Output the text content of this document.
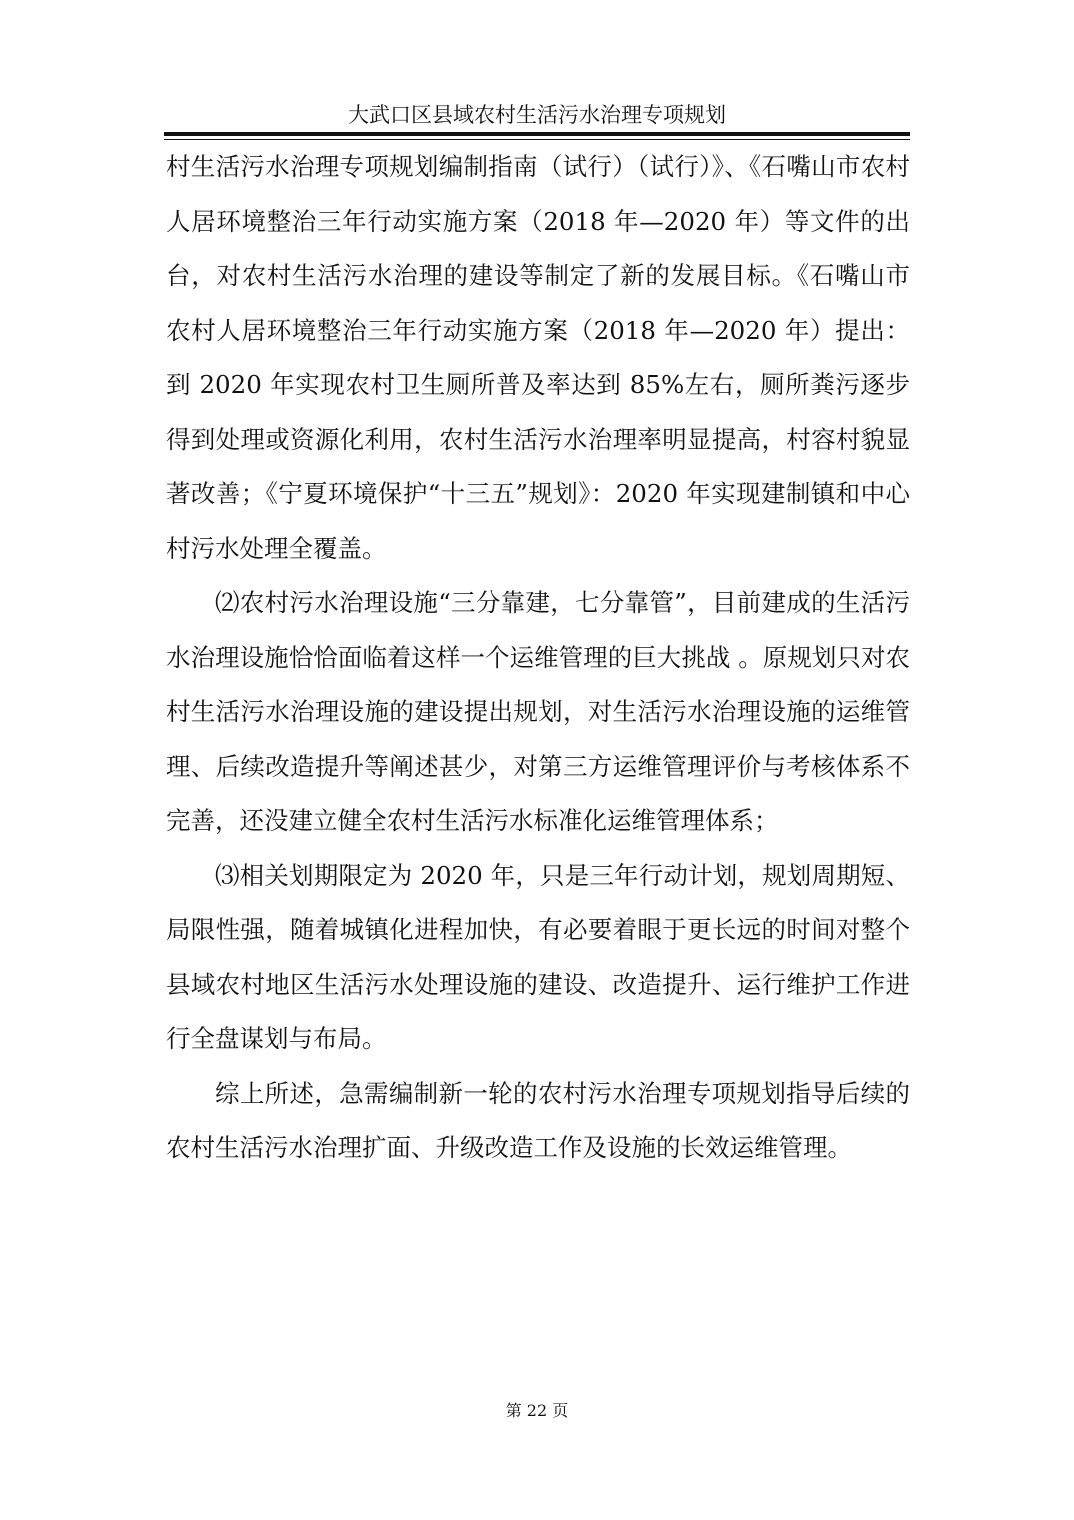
大武口区县域农村生活污水治理专项规划

村生活污水治理专项规划编制指南（试行）（试行）》、《石嘴山市农村人居环境整治三年行动实施方案（2018 年—2020 年）等文件的出台，对农村生活污水治理的建设等制定了新的发展目标。《石嘴山市农村人居环境整治三年行动实施方案（2018 年—2020 年）提出：到 2020 年实现农村卫生厕所普及率达到 85%左右，厕所粪污逐步得到处理或资源化利用，农村生活污水治理率明显提高，村容村貌显著改善；《宁夏环境保护“十三五”规划》：2020 年实现建制镇和中心村污水处理全覆盖。

⑵农村污水治理设施“三分靠建，七分靠管”，目前建成的生活污水治理设施恰恰面临着这样一个运维管理的巨大挑战 。原规划只对农村生活污水治理设施的建设提出规划，对生活污水治理设施的运维管理、后续改造提升等阐述甚少，对第三方运维管理评价与考核体系不完善，还没建立健全农村生活污水标准化运维管理体系；

⑶相关划期限定为 2020 年，只是三年行动计划，规划周期短、局限性强，随着城镇化进程加快，有必要着眼于更长远的时间对整个县域农村地区生活污水处理设施的建设、改造提升、运行维护工作进行全盘谋划与布局。

综上所述，急需编制新一轮的农村污水治理专项规划指导后续的农村生活污水治理扩面、升级改造工作及设施的长效运维管理。

第 22 页
